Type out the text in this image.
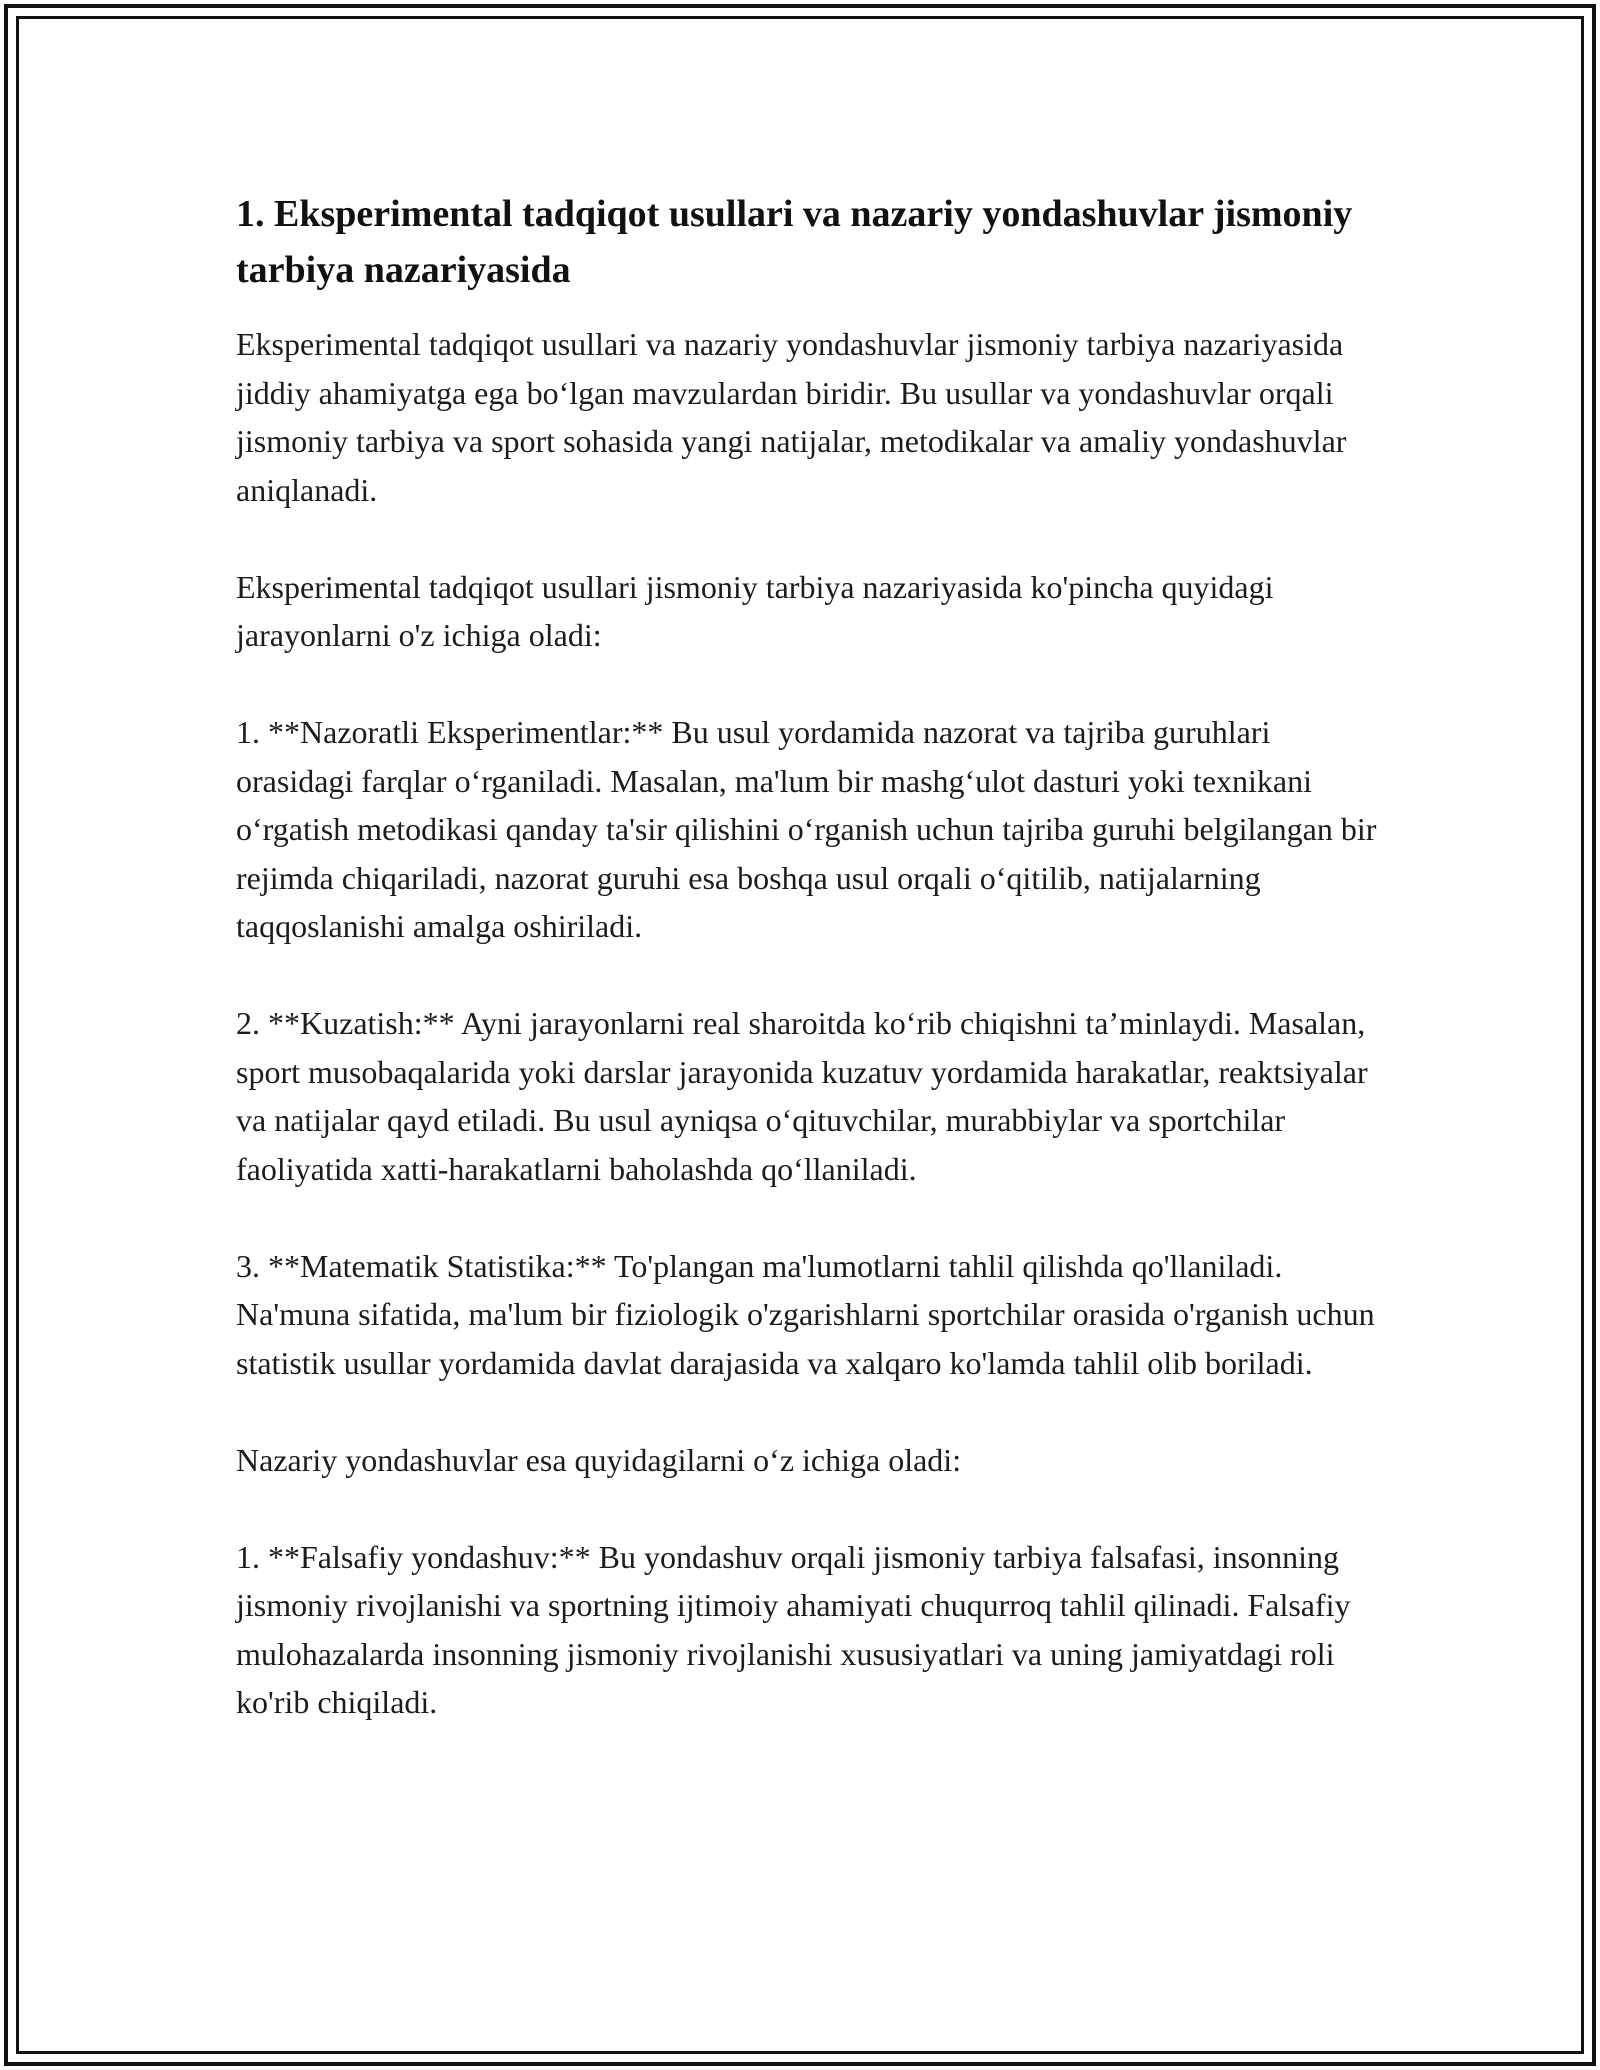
1. Eksperimental tadqiqot usullari va nazariy yondashuvlar jismoniy tarbiya nazariyasida

Eksperimental tadqiqot usullari va nazariy yondashuvlar jismoniy tarbiya nazariyasida jiddiy ahamiyatga ega boʻlgan mavzulardan biridir. Bu usullar va yondashuvlar orqali jismoniy tarbiya va sport sohasida yangi natijalar, metodikalar va amaliy yondashuvlar aniqlanadi.

Eksperimental tadqiqot usullari jismoniy tarbiya nazariyasida ko'pincha quyidagi jarayonlarni o'z ichiga oladi:

1. **Nazoratli Eksperimentlar:** Bu usul yordamida nazorat va tajriba guruhlari orasidagi farqlar oʻrganiladi. Masalan, ma'lum bir mashgʻulot dasturi yoki texnikani oʻrgatish metodikasi qanday ta'sir qilishini oʻrganish uchun tajriba guruhi belgilangan bir rejimda chiqariladi, nazorat guruhi esa boshqa usul orqali oʻqitilib, natijalarning taqqoslanishi amalga oshiriladi.

2. **Kuzatish:** Ayni jarayonlarni real sharoitda koʻrib chiqishni taʼminlaydi. Masalan, sport musobaqalarida yoki darslar jarayonida kuzatuv yordamida harakatlar, reaktsiyalar va natijalar qayd etiladi. Bu usul ayniqsa oʻqituvchilar, murabbiylar va sportchilar faoliyatida xatti-harakatlarni baholashda qoʻllaniladi.

3. **Matematik Statistika:** To'plangan ma'lumotlarni tahlil qilishda qo'llaniladi. Na'muna sifatida, ma'lum bir fiziologik o'zgarishlarni sportchilar orasida o'rganish uchun statistik usullar yordamida davlat darajasida va xalqaro ko'lamda tahlil olib boriladi.

Nazariy yondashuvlar esa quyidagilarni oʻz ichiga oladi:

1. **Falsafiy yondashuv:** Bu yondashuv orqali jismoniy tarbiya falsafasi, insonning jismoniy rivojlanishi va sportning ijtimoiy ahamiyati chuqurroq tahlil qilinadi. Falsafiy mulohazalarda insonning jismoniy rivojlanishi xususiyatlari va uning jamiyatdagi roli ko'rib chiqiladi.
